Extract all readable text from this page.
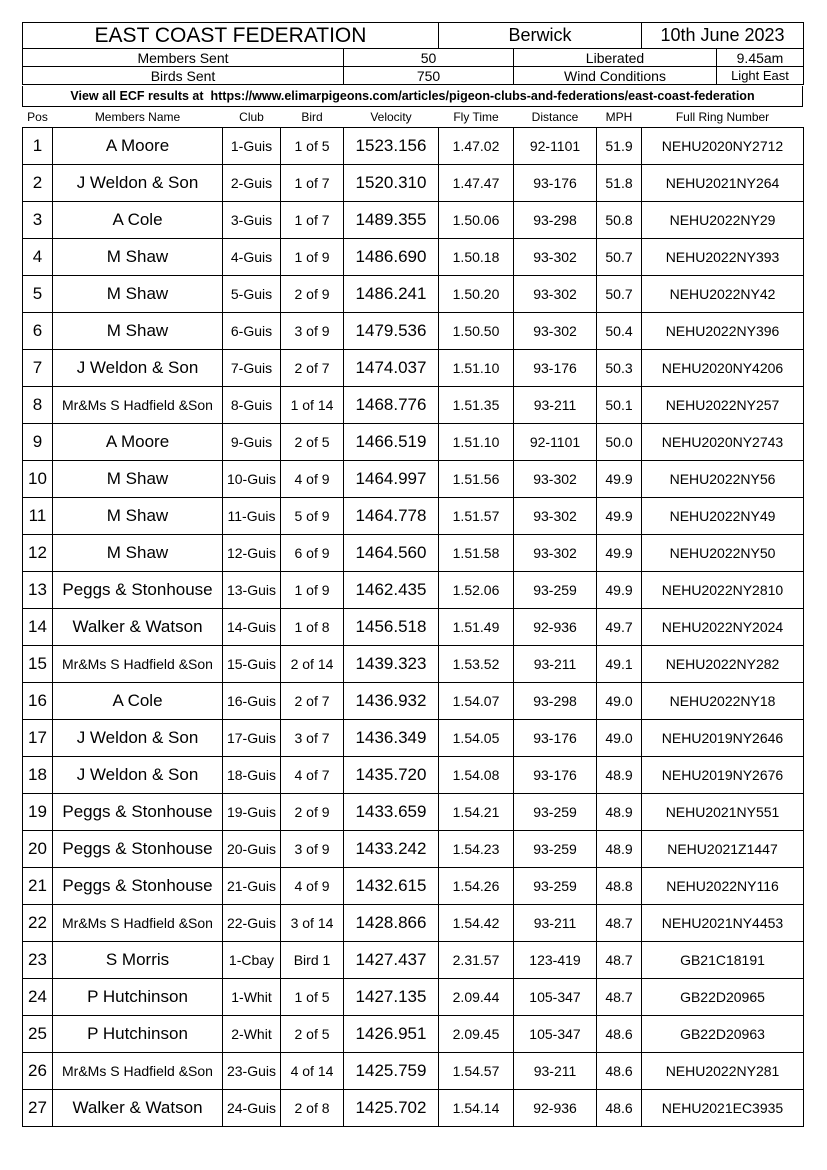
EAST COAST FEDERATION	Berwick	10th June 2023
Members Sent	50	Liberated	9.45am
Birds Sent	750	Wind Conditions	Light East
View all ECF results at https://www.elimarpigeons.com/articles/pigeon-clubs-and-federations/east-coast-federation
Pos	Members Name	Club	Bird	Velocity	Fly Time	Distance	MPH	Full Ring Number
1	A Moore	1-Guis	1 of 5	1523.156	1.47.02	92-1101	51.9	NEHU2020NY2712
2	J Weldon & Son	2-Guis	1 of 7	1520.310	1.47.47	93-176	51.8	NEHU2021NY264
3	A Cole	3-Guis	1 of 7	1489.355	1.50.06	93-298	50.8	NEHU2022NY29
4	M Shaw	4-Guis	1 of 9	1486.690	1.50.18	93-302	50.7	NEHU2022NY393
5	M Shaw	5-Guis	2 of 9	1486.241	1.50.20	93-302	50.7	NEHU2022NY42
6	M Shaw	6-Guis	3 of 9	1479.536	1.50.50	93-302	50.4	NEHU2022NY396
7	J Weldon & Son	7-Guis	2 of 7	1474.037	1.51.10	93-176	50.3	NEHU2020NY4206
8	Mr&Ms S Hadfield &Son	8-Guis	1 of 14	1468.776	1.51.35	93-211	50.1	NEHU2022NY257
9	A Moore	9-Guis	2 of 5	1466.519	1.51.10	92-1101	50.0	NEHU2020NY2743
10	M Shaw	10-Guis	4 of 9	1464.997	1.51.56	93-302	49.9	NEHU2022NY56
11	M Shaw	11-Guis	5 of 9	1464.778	1.51.57	93-302	49.9	NEHU2022NY49
12	M Shaw	12-Guis	6 of 9	1464.560	1.51.58	93-302	49.9	NEHU2022NY50
13	Peggs & Stonhouse	13-Guis	1 of 9	1462.435	1.52.06	93-259	49.9	NEHU2022NY2810
14	Walker & Watson	14-Guis	1 of 8	1456.518	1.51.49	92-936	49.7	NEHU2022NY2024
15	Mr&Ms S Hadfield &Son	15-Guis	2 of 14	1439.323	1.53.52	93-211	49.1	NEHU2022NY282
16	A Cole	16-Guis	2 of 7	1436.932	1.54.07	93-298	49.0	NEHU2022NY18
17	J Weldon & Son	17-Guis	3 of 7	1436.349	1.54.05	93-176	49.0	NEHU2019NY2646
18	J Weldon & Son	18-Guis	4 of 7	1435.720	1.54.08	93-176	48.9	NEHU2019NY2676
19	Peggs & Stonhouse	19-Guis	2 of 9	1433.659	1.54.21	93-259	48.9	NEHU2021NY551
20	Peggs & Stonhouse	20-Guis	3 of 9	1433.242	1.54.23	93-259	48.9	NEHU2021Z1447
21	Peggs & Stonhouse	21-Guis	4 of 9	1432.615	1.54.26	93-259	48.8	NEHU2022NY116
22	Mr&Ms S Hadfield &Son	22-Guis	3 of 14	1428.866	1.54.42	93-211	48.7	NEHU2021NY4453
23	S Morris	1-Cbay	Bird 1	1427.437	2.31.57	123-419	48.7	GB21C18191
24	P Hutchinson	1-Whit	1 of 5	1427.135	2.09.44	105-347	48.7	GB22D20965
25	P Hutchinson	2-Whit	2 of 5	1426.951	2.09.45	105-347	48.6	GB22D20963
26	Mr&Ms S Hadfield &Son	23-Guis	4 of 14	1425.759	1.54.57	93-211	48.6	NEHU2022NY281
27	Walker & Watson	24-Guis	2 of 8	1425.702	1.54.14	92-936	48.6	NEHU2021EC3935
